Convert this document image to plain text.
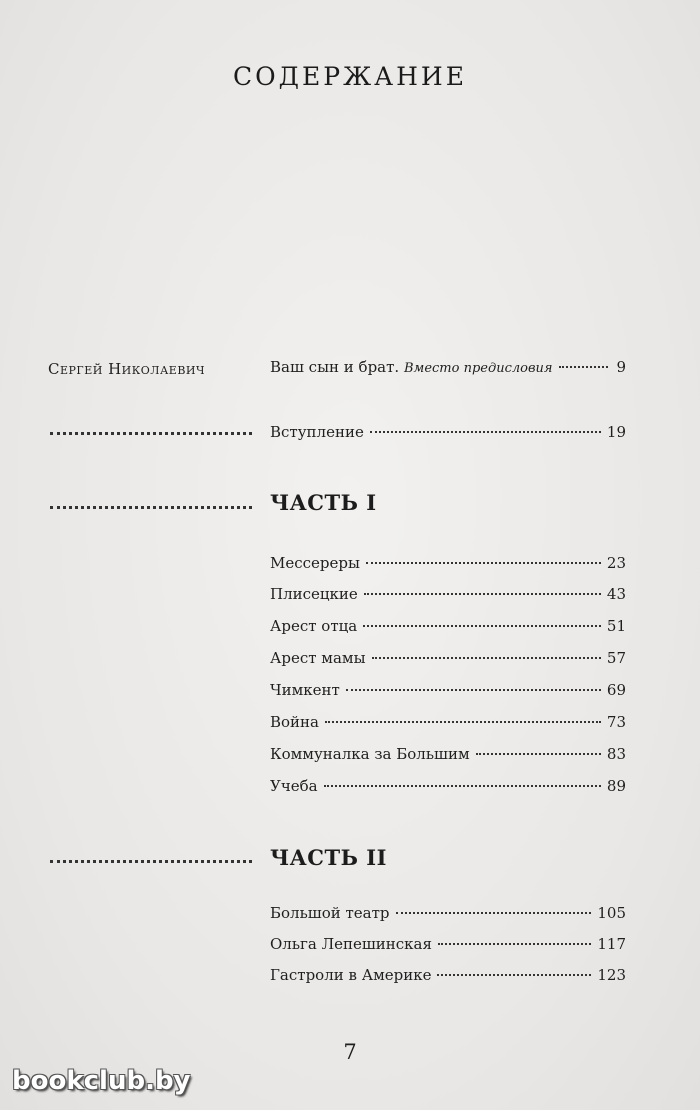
СОДЕРЖАНИЕ
Сергей Николаевич	Ваш сын и брат. Вместо предисловия	9
Вступление	19
ЧАСТЬ I
Мессереры	23
Плисецкие	43
Арест отца	51
Арест мамы	57
Чимкент	69
Война	73
Коммуналка за Большим	83
Учеба	89
ЧАСТЬ II
Большой театр	105
Ольга Лепешинская	117
Гастроли в Америке	123
7
bookclub.by
